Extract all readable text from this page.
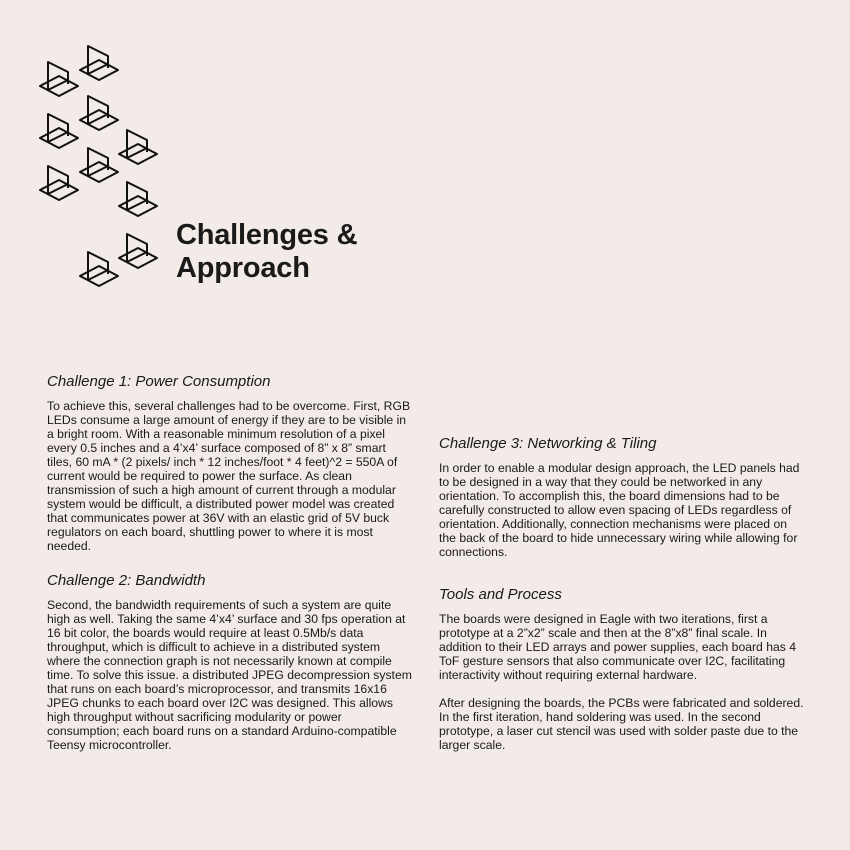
Challenges &
Approach
Challenge 1: Power Consumption

To achieve this, several challenges had to be overcome. First, RGB LEDs consume a large amount of energy if they are to be visible in a bright room. With a reasonable minimum resolution of a pixel every 0.5 inches and a 4’x4’ surface composed of 8” x 8” smart tiles, 60 mA * (2 pixels/ inch * 12 inches/foot * 4 feet)^2 = 550A of current would be required to power the surface. As clean transmission of such a high amount of current through a modular system would be difficult, a distributed power model was created that communicates power at 36V with an elastic grid of 5V buck regulators on each board, shuttling power to where it is most needed.

Challenge 2: Bandwidth

Second, the bandwidth requirements of such a system are quite high as well. Taking the same 4’x4’ surface and 30 fps operation at 16 bit color, the boards would require at least 0.5Mb/s data throughput, which is difficult to achieve in a distributed system where the connection graph is not necessarily known at compile time. To solve this issue. a distributed JPEG decompression system that runs on each board’s microprocessor, and transmits 16x16 JPEG chunks to each board over I2C was designed. This allows high throughput without sacrificing modularity or power consumption; each board runs on a standard Arduino-compatible Teensy microcontroller.

Challenge 3: Networking & Tiling

In order to enable a modular design approach, the LED panels had to be designed in a way that they could be networked in any orientation. To accomplish this, the board dimensions had to be carefully constructed to allow even spacing of LEDs regardless of orientation. Additionally, connection mechanisms were placed on the back of the board to hide unnecessary wiring while allowing for connections.

Tools and Process

The boards were designed in Eagle with two iterations, first a prototype at a 2”x2” scale and then at the 8”x8” final scale. In addition to their LED arrays and power supplies, each board has 4 ToF gesture sensors that also communicate over I2C, facilitating interactivity without requiring external hardware.

After designing the boards, the PCBs were fabricated and soldered. In the first iteration, hand soldering was used. In the second prototype, a laser cut stencil was used with solder paste due to the larger scale.
